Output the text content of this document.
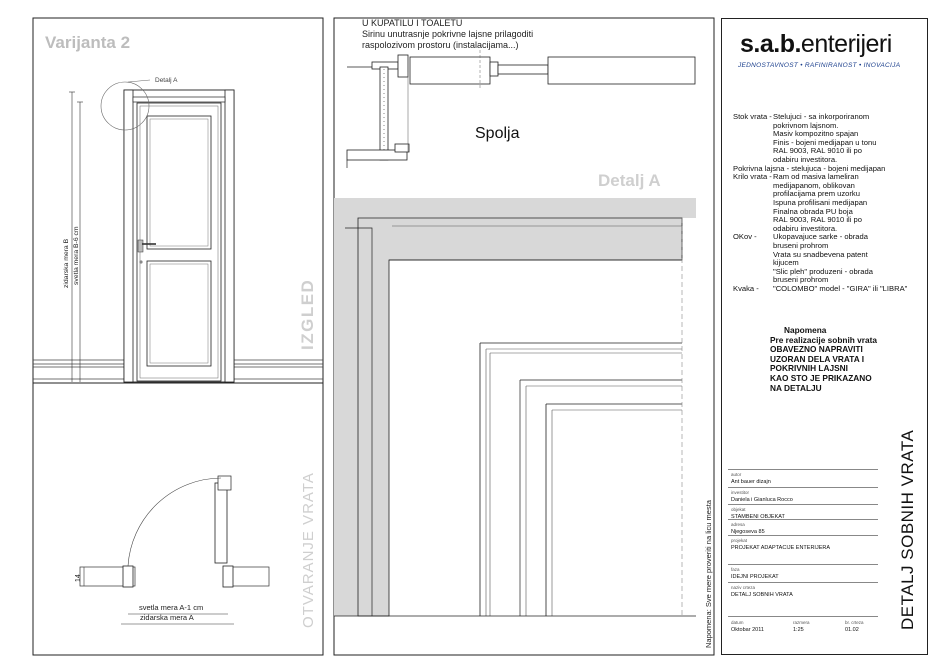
Varijanta 2
Detalj A
zidarska mera B svetla mera B-6 cm
IZGLED
OTVARANJE VRATA
svetla mera A-1 cm
zidarska mera A
14
U KUPATILU I TOALETU
Sirinu unutrasnje pokrivne lajsne prilagoditi
raspolozivom prostoru (instalacijama...)
Spolja
Detalj A
Napomena: Sve mere proveriti na licu mesta
s.a.b.enterijeri
JEDNOSTAVNOST • RAFINIRANOST • INOVACIJA
Stok vrata - Stelujuci - sa inkorporiranom
pokrivnom lajsnom.
Masiv kompozitno spajan
Finis - bojeni medijapan u tonu
RAL 9003, RAL 9010 ili po
odabiru investitora.
Pokrivna lajsna - stelujuca - bojeni medijapan
Krilo vrata - Ram od masiva lameliran
medijapanom, oblikovan
profilacijama prem uzorku
Ispuna profilisani medijapan
Finalna obrada PU boja
RAL 9003, RAL 9010 ili po
odabiru investitora.
OKov -	Ukopavajuce sarke - obrada
bruseni prohrom
Vrata su snadbevena patent
kijucem
"Slic pleh" produzeni - obrada
bruseni prohrom
Kvaka -	"COLOMBO" model - "GIRA" ili "LIBRA"
Napomena
Pre realizacije sobnih vrata
OBAVEZNO NAPRAVITI
UZORAN DELA VRATA I
POKRIVNIH LAJSNI
KAO STO JE PRIKAZANO
NA DETALJU
DETALJ SOBNIH VRATA
autor
Ant bauer dizajn
investitor
Daniela i Gianluca Rocco
objekat
STAMBENI OBJEKAT
adresa
Njegoseva 85
projekat
PROJEKAT ADAPTACIJE ENTERIJERA
faza
IDEJNI PROJEKAT
naziv crteza
DETALJ SOBNIH VRATA
datum
Oktobar 2011
razmera
1:25
br. crteza
01.02
